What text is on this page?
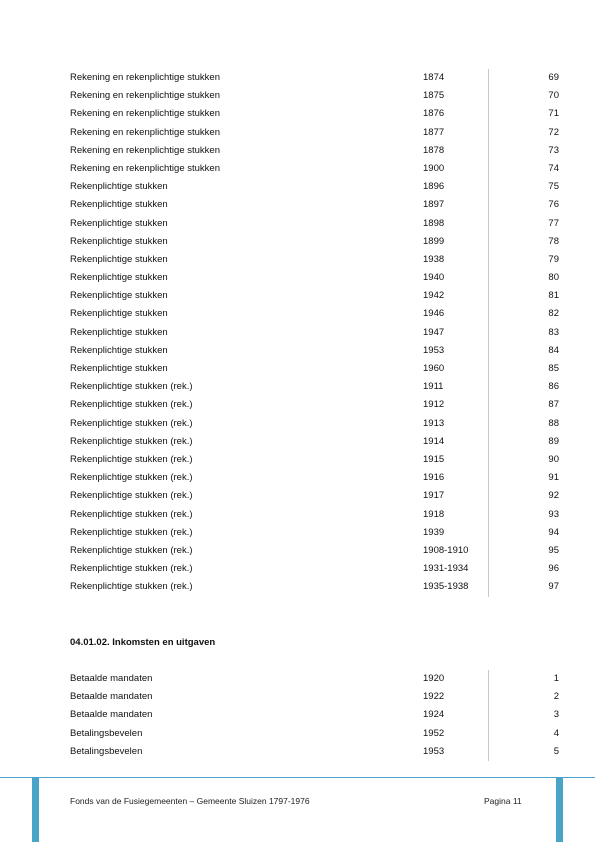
Rekening en rekenplichtige stukken	1874	69
Rekening en rekenplichtige stukken	1875	70
Rekening en rekenplichtige stukken	1876	71
Rekening en rekenplichtige stukken	1877	72
Rekening en rekenplichtige stukken	1878	73
Rekening en rekenplichtige stukken	1900	74
Rekenplichtige stukken	1896	75
Rekenplichtige stukken	1897	76
Rekenplichtige stukken	1898	77
Rekenplichtige stukken	1899	78
Rekenplichtige stukken	1938	79
Rekenplichtige stukken	1940	80
Rekenplichtige stukken	1942	81
Rekenplichtige stukken	1946	82
Rekenplichtige stukken	1947	83
Rekenplichtige stukken	1953	84
Rekenplichtige stukken	1960	85
Rekenplichtige stukken (rek.)	1911	86
Rekenplichtige stukken (rek.)	1912	87
Rekenplichtige stukken (rek.)	1913	88
Rekenplichtige stukken (rek.)	1914	89
Rekenplichtige stukken (rek.)	1915	90
Rekenplichtige stukken (rek.)	1916	91
Rekenplichtige stukken (rek.)	1917	92
Rekenplichtige stukken (rek.)	1918	93
Rekenplichtige stukken (rek.)	1939	94
Rekenplichtige stukken (rek.)	1908-1910	95
Rekenplichtige stukken (rek.)	1931-1934	96
Rekenplichtige stukken (rek.)	1935-1938	97
04.01.02. Inkomsten en uitgaven
Betaalde mandaten	1920	1
Betaalde mandaten	1922	2
Betaalde mandaten	1924	3
Betalingsbevelen	1952	4
Betalingsbevelen	1953	5
Fonds van de Fusiegemeenten – Gemeente Sluizen 1797-1976	Pagina 11
